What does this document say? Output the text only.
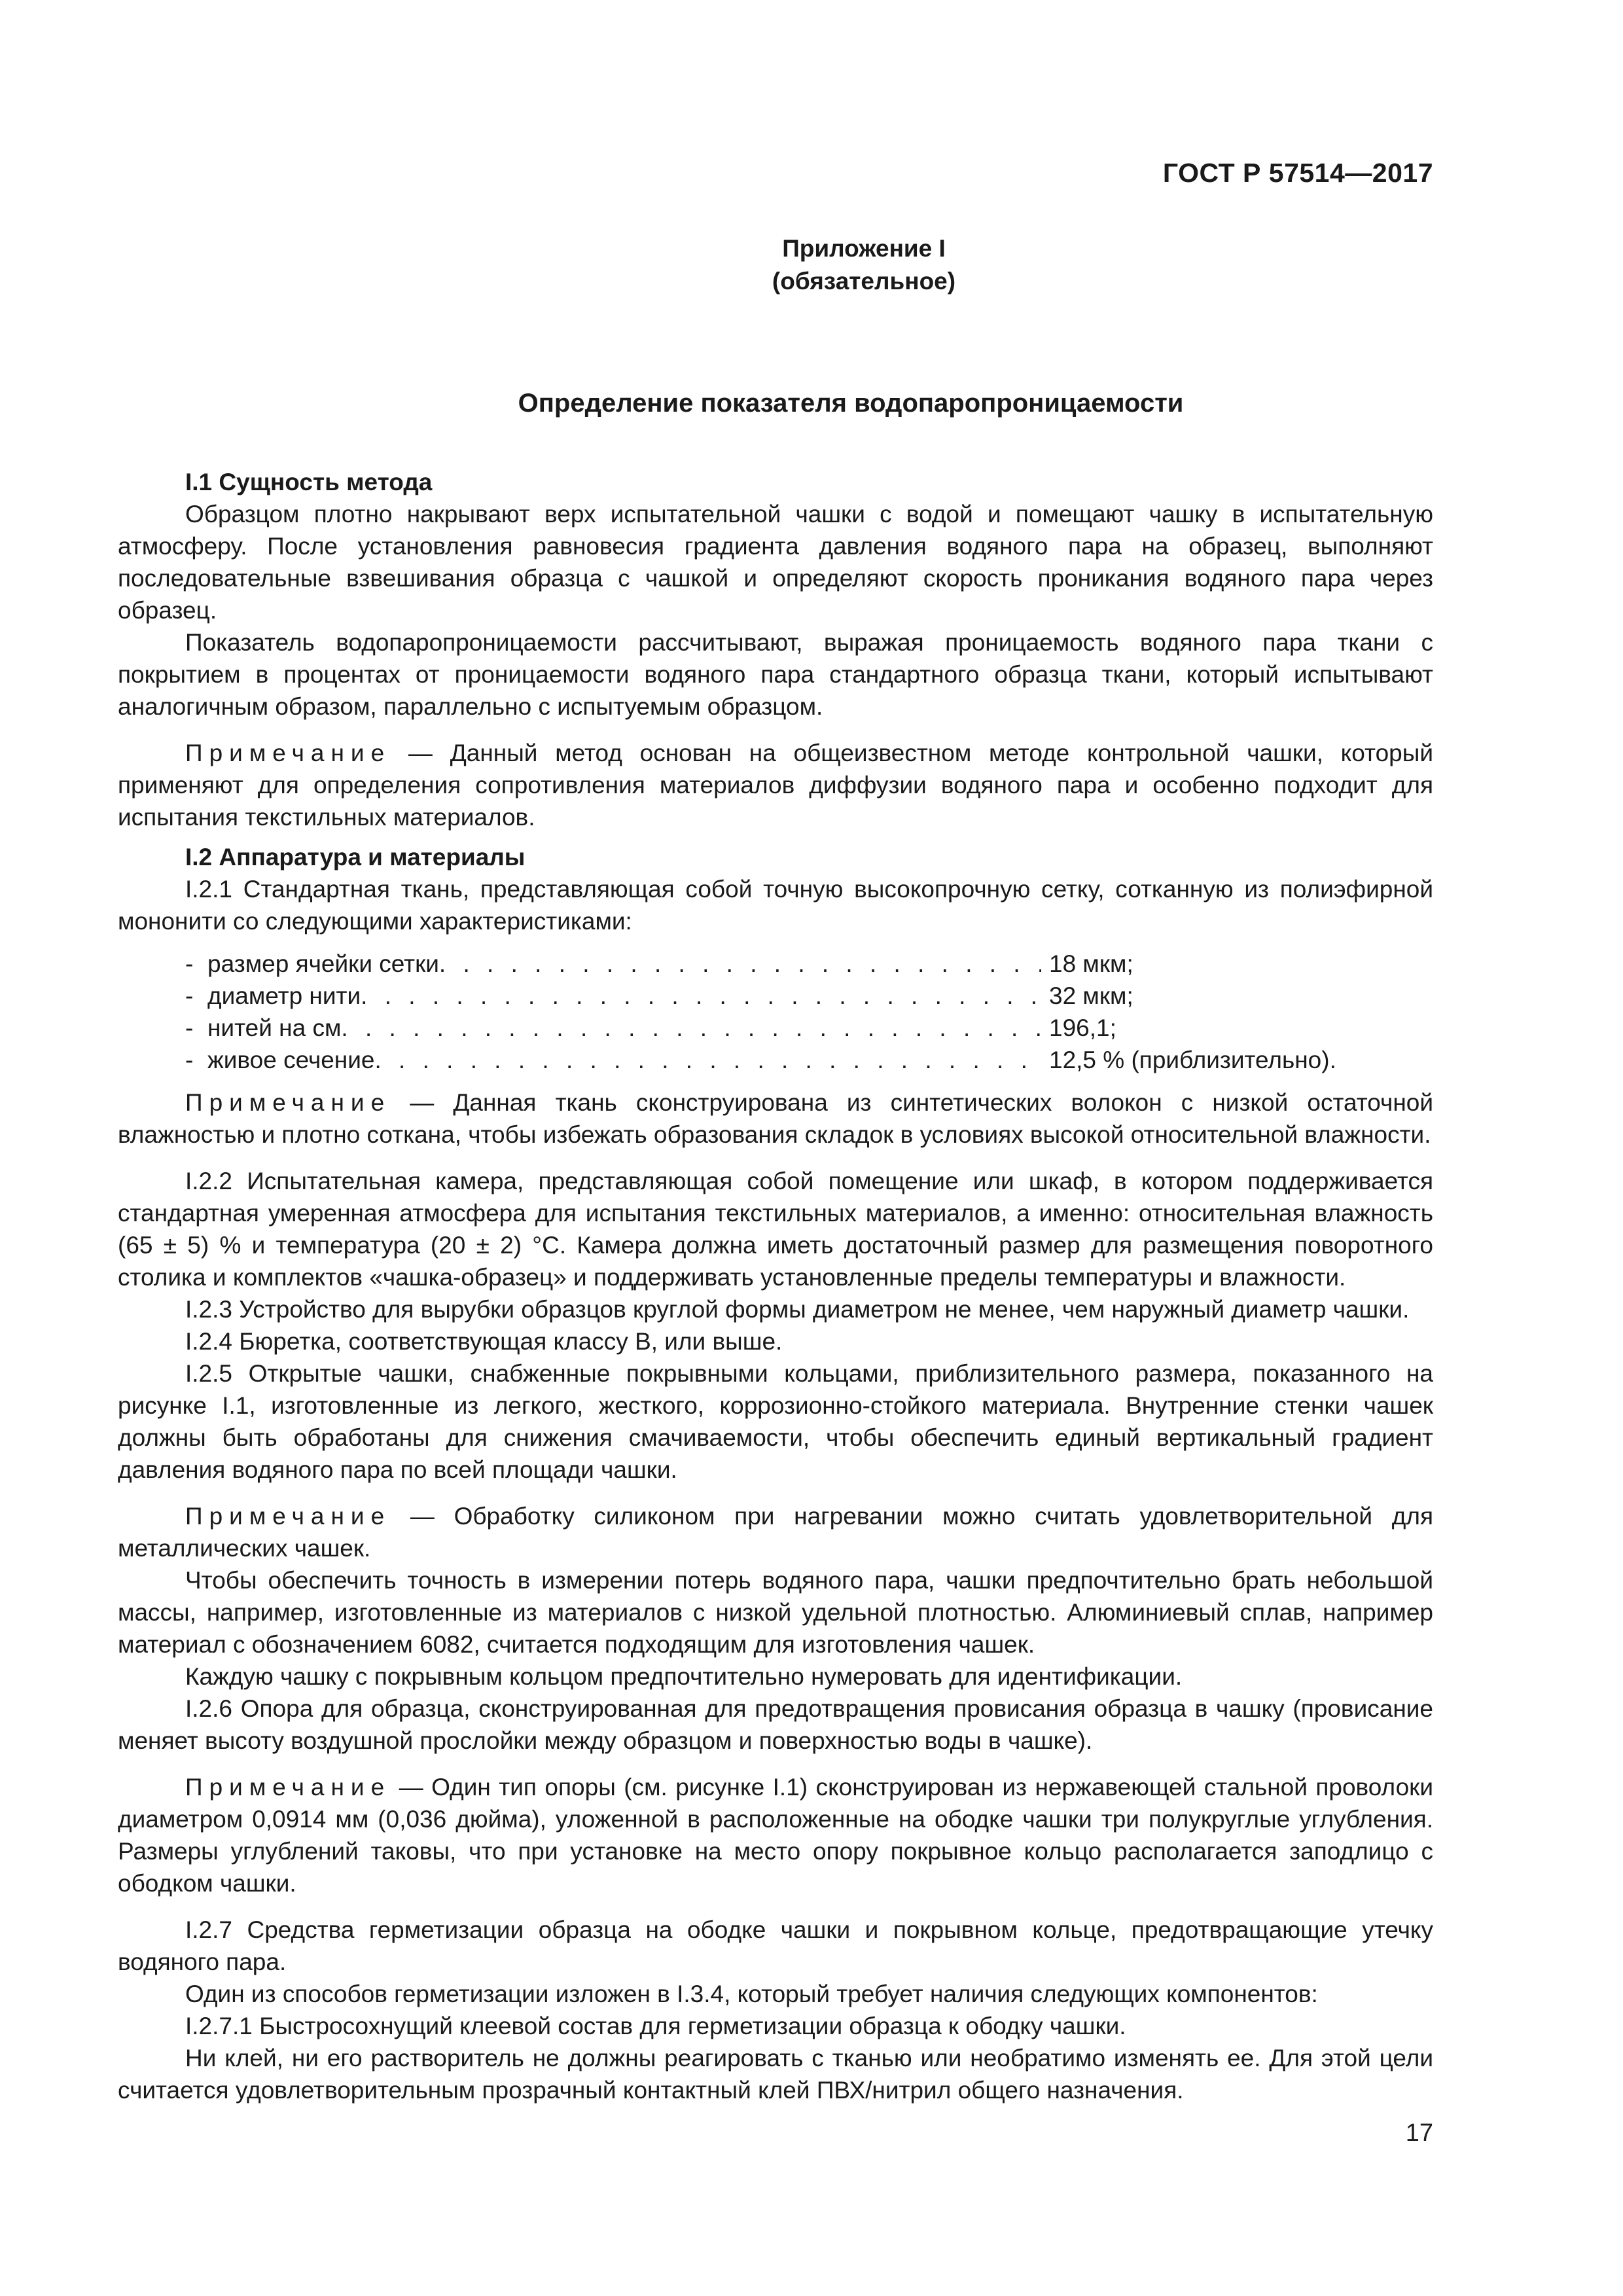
ГОСТ Р 57514—2017
Приложение I
(обязательное)
Определение показателя водопаропроницаемости

I.1 Сущность метода

Образцом плотно накрывают верх испытательной чашки с водой и помещают чашку в испытательную атмосферу. После установления равновесия градиента давления водяного пара на образец, выполняют последовательные взвешивания образца с чашкой и определяют скорость проникания водяного пара через образец.

Показатель водопаропроницаемости рассчитывают, выражая проницаемость водяного пара ткани с покрытием в процентах от проницаемости водяного пара стандартного образца ткани, который испытывают аналогичным образом, параллельно с испытуемым образцом.

Примечание — Данный метод основан на общеизвестном методе контрольной чашки, который применяют для определения сопротивления материалов диффузии водяного пара и особенно подходит для испытания текстильных материалов.

I.2 Аппаратура и материалы

I.2.1 Стандартная ткань, представляющая собой точную высокопрочную сетку, сотканную из полиэфирной мононити со следующими характеристиками:

- размер ячейки сетки . . .	18 мкм;
- диаметр нити . . .	32 мкм;
- нитей на см . . .	196,1;
- живое сечение . . .	12,5 % (приблизительно).

Примечание — Данная ткань сконструирована из синтетических волокон с низкой остаточной влажностью и плотно соткана, чтобы избежать образования складок в условиях высокой относительной влажности.

I.2.2 Испытательная камера, представляющая собой помещение или шкаф, в котором поддерживается стандартная умеренная атмосфера для испытания текстильных материалов, а именно: относительная влажность (65 ± 5) % и температура (20 ± 2) °С. Камера должна иметь достаточный размер для размещения поворотного столика и комплектов «чашка-образец» и поддерживать установленные пределы температуры и влажности.

I.2.3 Устройство для вырубки образцов круглой формы диаметром не менее, чем наружный диаметр чашки.

I.2.4 Бюретка, соответствующая классу В, или выше.

I.2.5 Открытые чашки, снабженные покрывными кольцами, приблизительного размера, показанного на рисунке I.1, изготовленные из легкого, жесткого, коррозионно-стойкого материала. Внутренние стенки чашек должны быть обработаны для снижения смачиваемости, чтобы обеспечить единый вертикальный градиент давления водяного пара по всей площади чашки.

Примечание — Обработку силиконом при нагревании можно считать удовлетворительной для металлических чашек.

Чтобы обеспечить точность в измерении потерь водяного пара, чашки предпочтительно брать небольшой массы, например, изготовленные из материалов с низкой удельной плотностью. Алюминиевый сплав, например материал с обозначением 6082, считается подходящим для изготовления чашек.

Каждую чашку с покрывным кольцом предпочтительно нумеровать для идентификации.

I.2.6 Опора для образца, сконструированная для предотвращения провисания образца в чашку (провисание меняет высоту воздушной прослойки между образцом и поверхностью воды в чашке).

Примечание — Один тип опоры (см. рисунке I.1) сконструирован из нержавеющей стальной проволоки диаметром 0,0914 мм (0,036 дюйма), уложенной в расположенные на ободке чашки три полукруглые углубления. Размеры углублений таковы, что при установке на место опору покрывное кольцо располагается заподлицо с ободком чашки.

I.2.7 Средства герметизации образца на ободке чашки и покрывном кольце, предотвращающие утечку водяного пара.

Один из способов герметизации изложен в I.3.4, который требует наличия следующих компонентов:

I.2.7.1 Быстросохнущий клеевой состав для герметизации образца к ободку чашки.

Ни клей, ни его растворитель не должны реагировать с тканью или необратимо изменять ее. Для этой цели считается удовлетворительным прозрачный контактный клей ПВХ/нитрил общего назначения.

17
